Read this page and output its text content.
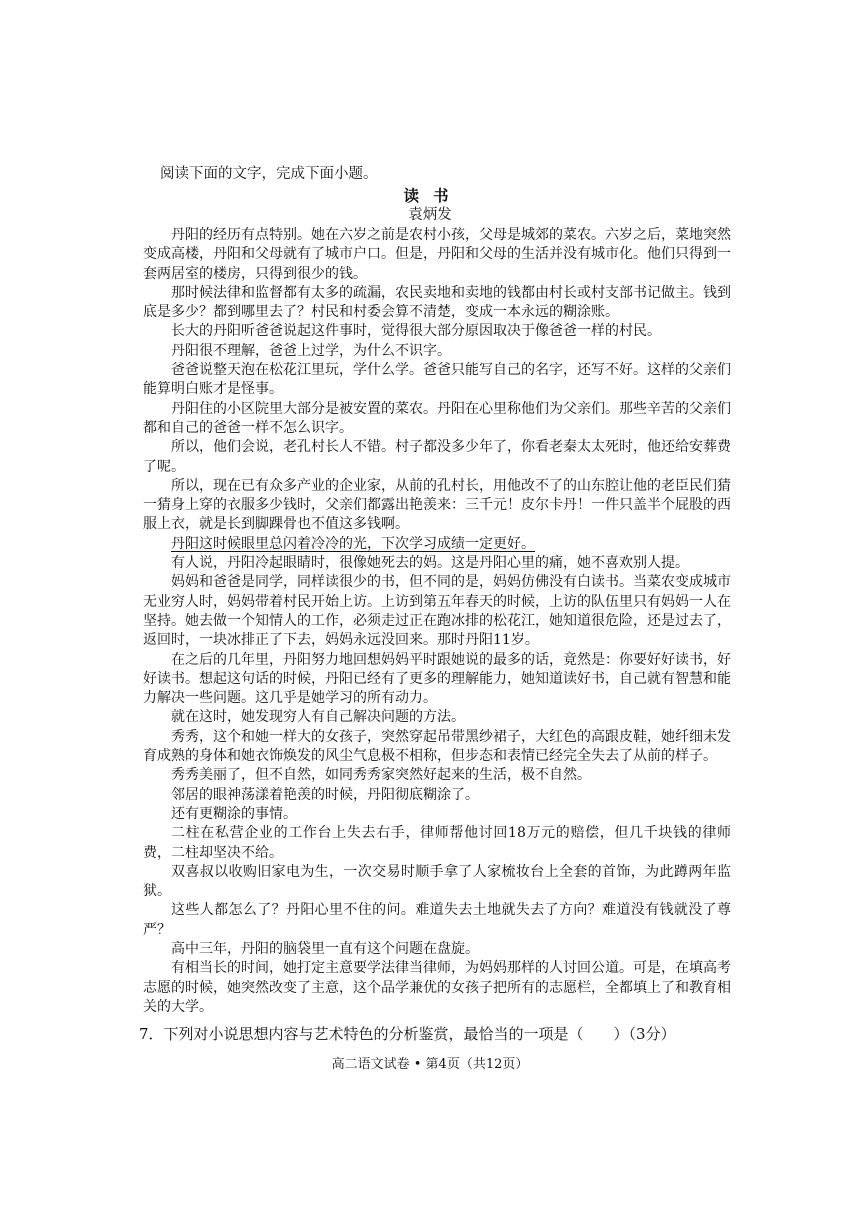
阅读下面的文字，完成下面小题。
读书
袁炳发

丹阳的经历有点特别。她在六岁之前是农村小孩，父母是城郊的菜农。六岁之后，菜地突然变成高楼，丹阳和父母就有了城市户口。但是，丹阳和父母的生活并没有城市化。他们只得到一套两居室的楼房，只得到很少的钱。

那时候法律和监督都有太多的疏漏，农民卖地和卖地的钱都由村长或村支部书记做主。钱到底是多少？都到哪里去了？村民和村委会算不清楚，变成一本永远的糊涂账。

长大的丹阳听爸爸说起这件事时，觉得很大部分原因取决于像爸爸一样的村民。

丹阳很不理解，爸爸上过学，为什么不识字。

爸爸说整天泡在松花江里玩，学什么学。爸爸只能写自己的名字，还写不好。这样的父亲们能算明白账才是怪事。

丹阳住的小区院里大部分是被安置的菜农。丹阳在心里称他们为父亲们。那些辛苦的父亲们都和自己的爸爸一样不怎么识字。

所以，他们会说，老孔村长人不错。村子都没多少年了，你看老秦太太死时，他还给安葬费了呢。

所以，现在已有众多产业的企业家，从前的孔村长，用他改不了的山东腔让他的老臣民们猜一猜身上穿的衣服多少钱时，父亲们都露出艳羡来：三千元！皮尔卡丹！一件只盖半个屁股的西服上衣，就是长到脚踝骨也不值这多钱啊。

丹阳这时候眼里总闪着冷冷的光，下次学习成绩一定更好。

有人说，丹阳冷起眼睛时，很像她死去的妈。这是丹阳心里的痛，她不喜欢别人提。

妈妈和爸爸是同学，同样读很少的书，但不同的是，妈妈仿佛没有白读书。当菜农变成城市无业穷人时，妈妈带着村民开始上访。上访到第五年春天的时候，上访的队伍里只有妈妈一人在坚持。她去做一个知情人的工作，必须走过正在跑冰排的松花江，她知道很危险，还是过去了，返回时，一块冰排正了下去，妈妈永远没回来。那时丹阳11岁。

在之后的几年里，丹阳努力地回想妈妈平时跟她说的最多的话，竟然是：你要好好读书，好好读书。想起这句话的时候，丹阳已经有了更多的理解能力，她知道读好书，自己就有智慧和能力解决一些问题。这几乎是她学习的所有动力。

就在这时，她发现穷人有自己解决问题的方法。

秀秀，这个和她一样大的女孩子，突然穿起吊带黑纱裙子，大红色的高跟皮鞋，她纤细未发育成熟的身体和她衣饰焕发的风尘气息极不相称，但步态和表情已经完全失去了从前的样子。

秀秀美丽了，但不自然，如同秀秀家突然好起来的生活，极不自然。

邻居的眼神荡漾着艳羡的时候，丹阳彻底糊涂了。

还有更糊涂的事情。

二柱在私营企业的工作台上失去右手，律师帮他讨回18万元的赔偿，但几千块钱的律师费，二柱却坚决不给。

双喜叔以收购旧家电为生，一次交易时顺手拿了人家梳妆台上全套的首饰，为此蹲两年监狱。

这些人都怎么了？丹阳心里不住的问。难道失去土地就失去了方向？难道没有钱就没了尊严？

高中三年，丹阳的脑袋里一直有这个问题在盘旋。

有相当长的时间，她打定主意要学法律当律师，为妈妈那样的人讨回公道。可是，在填高考志愿的时候，她突然改变了主意，这个品学兼优的女孩子把所有的志愿栏，全都填上了和教育相关的大学。

7．下列对小说思想内容与艺术特色的分析鉴赏，最恰当的一项是（　　）（3分）
高二语文试卷 • 第4页（共12页）
